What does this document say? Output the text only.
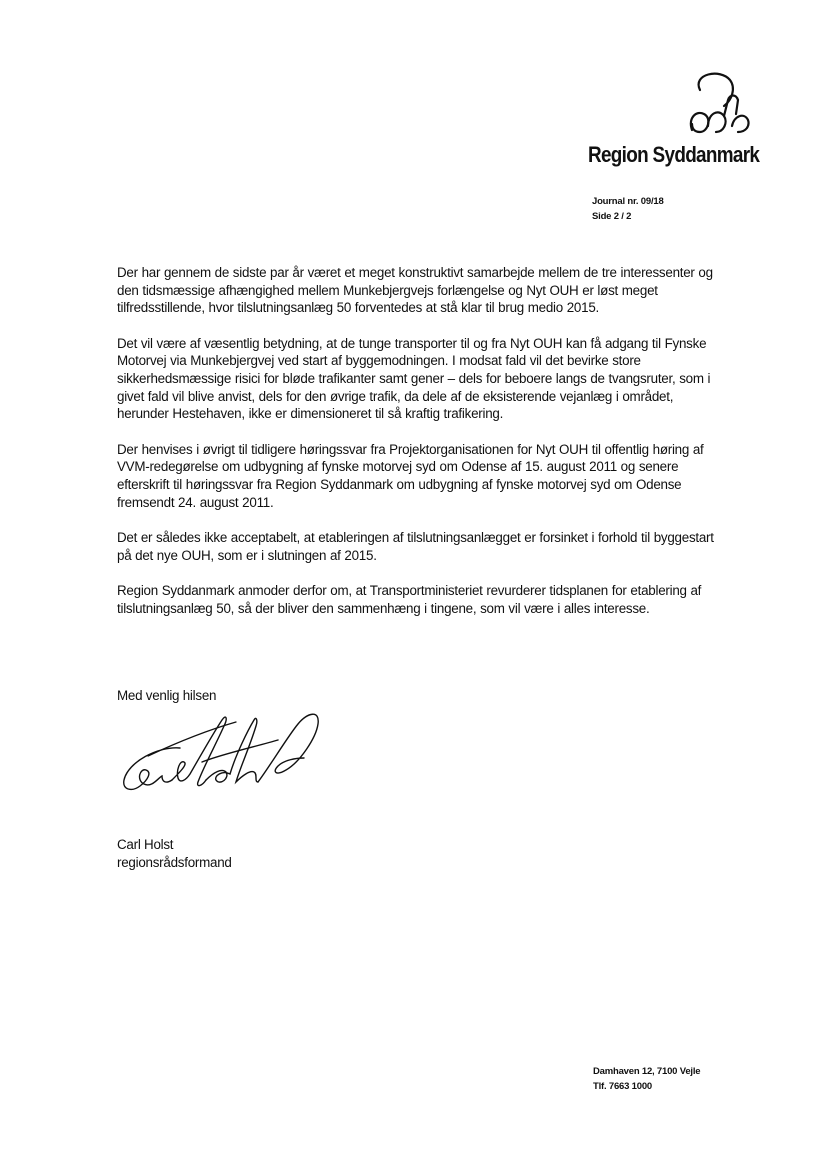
Region Syddanmark
Journal nr. 09/18
Side 2 / 2

Der har gennem de sidste par år været et meget konstruktivt samarbejde mellem de tre interessenter og den tidsmæssige afhængighed mellem Munkebjergvejs forlængelse og Nyt OUH er løst meget tilfredsstillende, hvor tilslutningsanlæg 50 forventedes at stå klar til brug medio 2015.

Det vil være af væsentlig betydning, at de tunge transporter til og fra Nyt OUH kan få adgang til Fynske Motorvej via Munkebjergvej ved start af byggemodningen. I modsat fald vil det bevirke store sikkerhedsmæssige risici for bløde trafikanter samt gener – dels for beboere langs de tvangsruter, som i givet fald vil blive anvist, dels for den øvrige trafik, da dele af de eksisterende vejanlæg i området, herunder Hestehaven, ikke er dimensioneret til så kraftig trafikering.

Der henvises i øvrigt til tidligere høringssvar fra Projektorganisationen for Nyt OUH til offentlig høring af VVM-redegørelse om udbygning af fynske motorvej syd om Odense af 15. august 2011 og senere efterskrift til høringssvar fra Region Syddanmark om udbygning af fynske motorvej syd om Odense fremsendt 24. august 2011.

Det er således ikke acceptabelt, at etableringen af tilslutningsanlægget er forsinket i forhold til byggestart på det nye OUH, som er i slutningen af 2015.

Region Syddanmark anmoder derfor om, at Transportministeriet revurderer tidsplanen for etablering af tilslutningsanlæg 50, så der bliver den sammenhæng i tingene, som vil være i alles interesse.

Med venlig hilsen
Carl Holst
regionsrådsformand
Damhaven 12, 7100 Vejle
Tlf. 7663 1000
